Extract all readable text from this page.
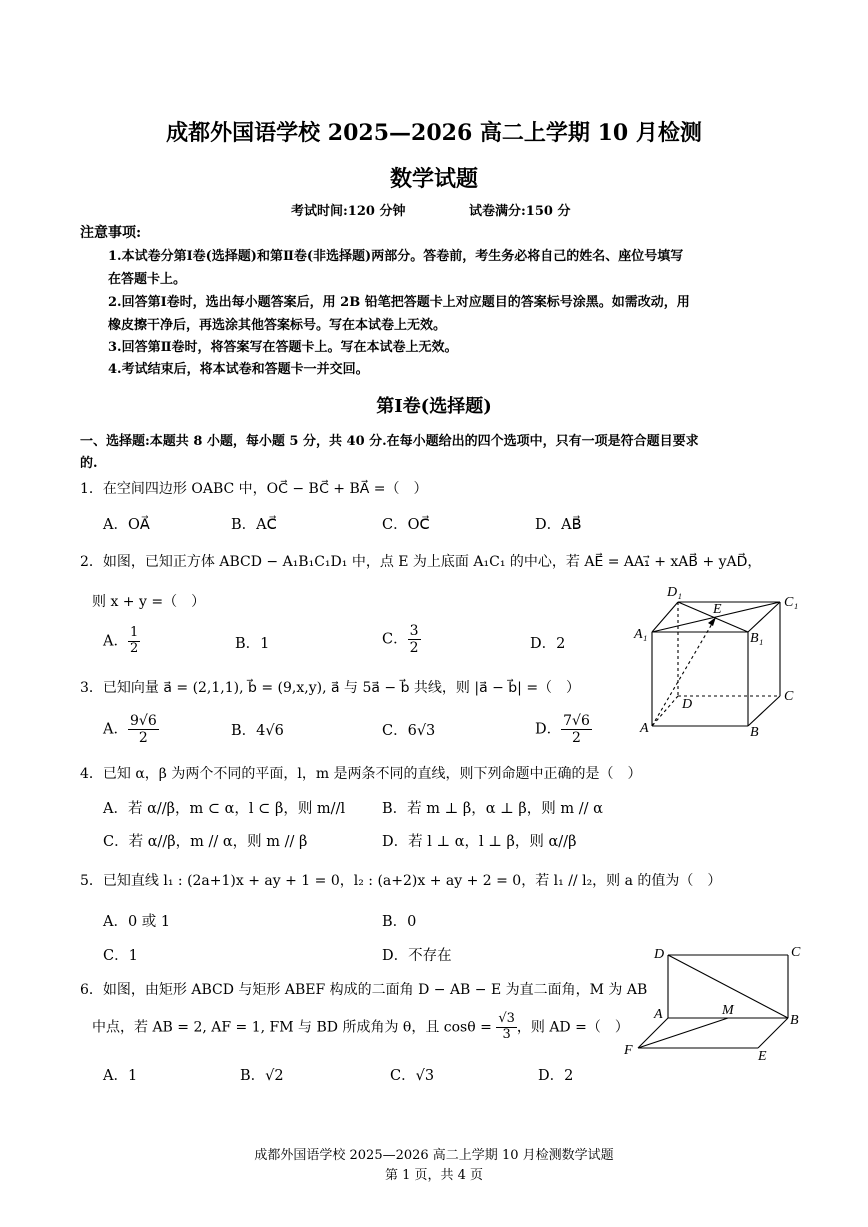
成都外国语学校 2025—2026 高二上学期 10 月检测
数学试题
考试时间:120 分钟	试卷满分:150 分
注意事项:
1.本试卷分第Ⅰ卷(选择题)和第Ⅱ卷(非选择题)两部分。答卷前，考生务必将自己的姓名、座位号填写
在答题卡上。
2.回答第Ⅰ卷时，选出每小题答案后，用 2B 铅笔把答题卡上对应题目的答案标号涂黑。如需改动，用
橡皮擦干净后，再选涂其他答案标号。写在本试卷上无效。
3.回答第Ⅱ卷时，将答案写在答题卡上。写在本试卷上无效。
4.考试结束后，将本试卷和答题卡一并交回。
第Ⅰ卷(选择题)
一、选择题:本题共 8 小题，每小题 5 分，共 40 分.在每小题给出的四个选项中，只有一项是符合题目要求
的.
1．在空间四边形 OABC 中，OC⃗ − BC⃗ + BA⃗ =（　）
A．OA⃗	B．AC⃗	C．OC⃗	D．AB⃗
2．如图，已知正方体 ABCD − A₁B₁C₁D₁ 中，点 E 为上底面 A₁C₁ 的中心，若 AE⃗ = AA₁⃗ + xAB⃗ + yAD⃗，
则 x + y =（　）
A． $\frac{1}{2}$	B．1	C． $\frac{3}{2}$	D．2
3．已知向量 a⃗ = (2,1,1), b⃗ = (9,x,y), a⃗ 与 5a⃗ − b⃗ 共线，则 |a⃗ − b⃗| =（　）
A． $\frac{9√6}{2}$	B．4√6	C．6√3	D． $\frac{7√6}{2}$
4．已知 α，β 为两个不同的平面，l，m 是两条不同的直线，则下列命题中正确的是（　）
A．若 α//β，m ⊂ α，l ⊂ β，则 m//l	B．若 m ⊥ β，α ⊥ β，则 m // α
C．若 α//β，m // α，则 m // β	D．若 l ⊥ α，l ⊥ β，则 α//β
5．已知直线 l₁ : (2a+1)x + ay + 1 = 0，l₂ : (a+2)x + ay + 2 = 0，若 l₁ // l₂，则 a 的值为（　）
A．0 或 1	B．0
C．1	D．不存在
6．如图，由矩形 ABCD 与矩形 ABEF 构成的二面角 D − AB − E 为直二面角，M 为 AB
中点，若 AB = 2, AF = 1, FM 与 BD 所成角为 θ，且 $\cos\theta = \frac{√3}{3}$ ，则 AD =（　）
A．1	B．√2	C．√3	D．2
D₁
C₁
A₁	B₁
E
A	B
C
D
D	C
A	M
B
F	E
成都外国语学校 2025—2026 高二上学期 10 月检测数学试题
第 1 页，共 4 页
